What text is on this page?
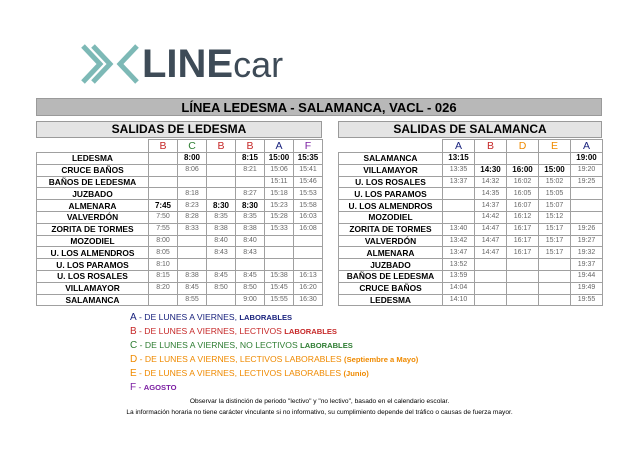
LINEcar
LÍNEA LEDESMA - SALAMANCA, VACL - 026
SALIDAS DE LEDESMA	SALIDAS DE SALAMANCA
	B	C	B	B	A	F
LEDESMA		8:00		8:15	15:00	15:35
CRUCE BAÑOS		8:06		8:21	15:06	15:41
BAÑOS DE LEDESMA					15:11	15:46
JUZBADO		8:18		8:27	15:18	15:53
ALMENARA	7:45	8:23	8:30	8:30	15:23	15:58
VALVERDÓN	7:50	8:28	8:35	8:35	15:28	16:03
ZORITA DE TORMES	7:55	8:33	8:38	8:38	15:33	16:08
MOZODIEL	8:00		8:40	8:40		
U. LOS ALMENDROS	8:05		8:43	8:43		
U. LOS PARAMOS	8:10					
U. LOS ROSALES	8:15	8:38	8:45	8:45	15:38	16:13
VILLAMAYOR	8:20	8:45	8:50	8:50	15:45	16:20
SALAMANCA		8:55		9:00	15:55	16:30
	A	B	D	E	A
SALAMANCA	13:15				19:00
VILLAMAYOR	13:35	14:30	16:00	15:00	19:20
U. LOS ROSALES	13:37	14:32	16:02	15:02	19:25
U. LOS PARAMOS		14:35	16:05	15:05	
U. LOS ALMENDROS		14:37	16:07	15:07	
MOZODIEL		14:42	16:12	15:12	
ZORITA DE TORMES	13:40	14:47	16:17	15:17	19:26
VALVERDÓN	13:42	14:47	16:17	15:17	19:27
ALMENARA	13:47	14:47	16:17	15:17	19:32
JUZBADO	13:52				19:37
BAÑOS DE LEDESMA	13:59				19:44
CRUCE BAÑOS	14:04				19:49
LEDESMA	14:10				19:55
A - DE LUNES A VIERNES, LABORABLES
B - DE LUNES A VIERNES, LECTIVOS LABORABLES
C - DE LUNES A VIERNES, NO LECTIVOS LABORABLES
D - DE LUNES A VIERNES, LECTIVOS LABORABLES (Septiembre a Mayo)
E - DE LUNES A VIERNES, LECTIVOS LABORABLES (Junio)
F - AGOSTO
Observar la distinción de periodo "lectivo" y "no lectivo", basado en el calendario escolar.
La información horaria no tiene carácter vinculante si no informativo, su cumplimiento depende del tráfico o causas de fuerza mayor.
